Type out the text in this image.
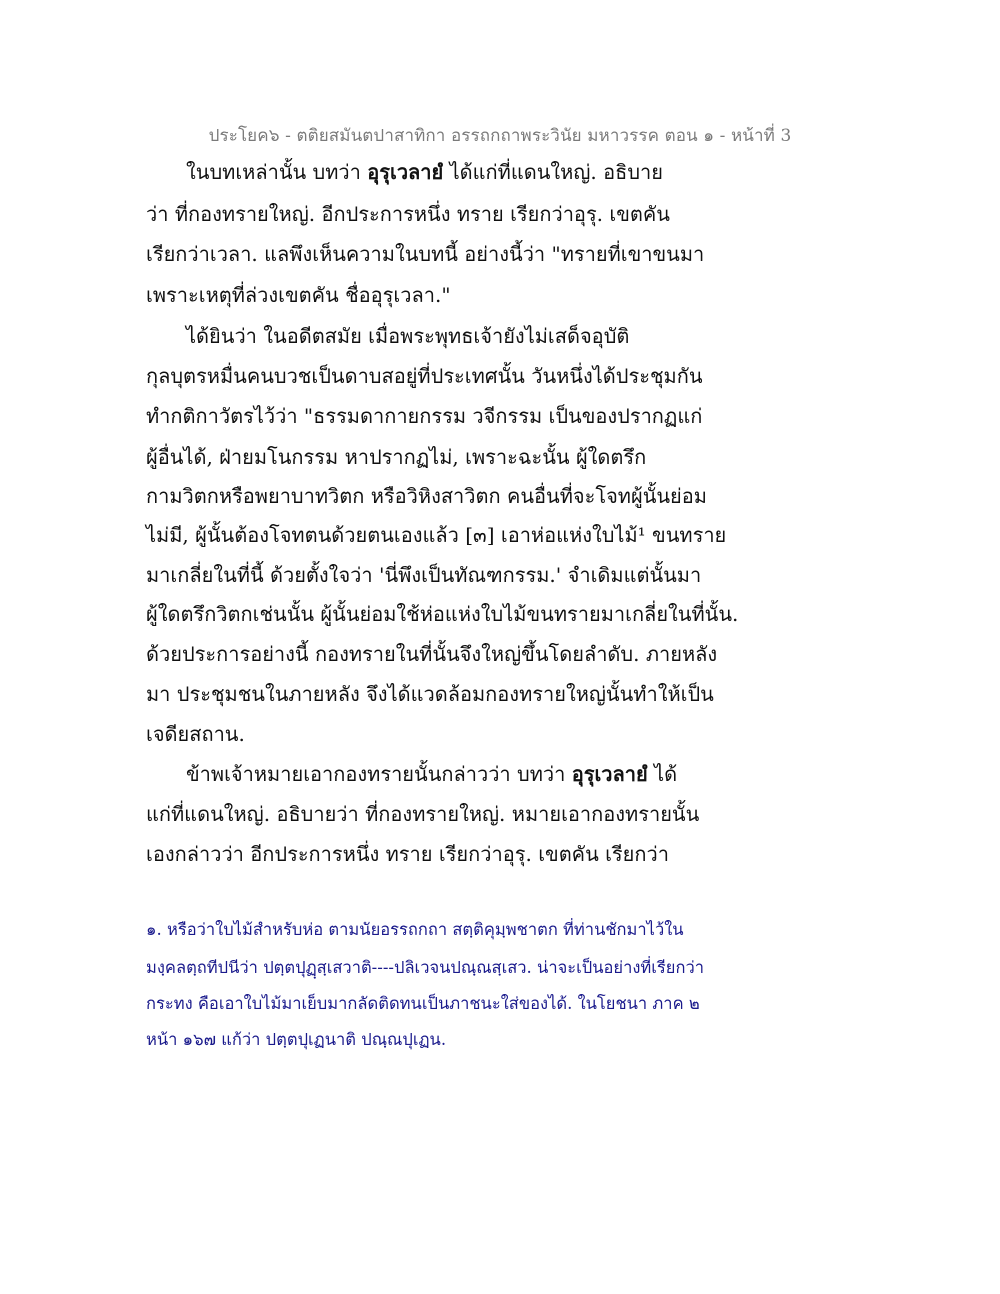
ประโยค๖ - ตติยสมันตปาสาทิกา อรรถกถาพระวินัย มหาวรรค ตอน ๑ - หน้าที่ 3
ในบทเหล่านั้น บทว่า อุรุเวลายํ ได้แก่ที่แดนใหญ่. อธิบาย
ว่า ที่กองทรายใหญ่. อีกประการหนึ่ง ทราย เรียกว่าอุรุ. เขตคัน
เรียกว่าเวลา. แลพึงเห็นความในบทนี้ อย่างนี้ว่า "ทรายที่เขาขนมา
เพราะเหตุที่ล่วงเขตคัน ชื่ออุรุเวลา."
ได้ยินว่า ในอดีตสมัย เมื่อพระพุทธเจ้ายังไม่เสด็จอุบัติ
กุลบุตรหมื่นคนบวชเป็นดาบสอยู่ที่ประเทศนั้น วันหนึ่งได้ประชุมกัน
ทำกติกาวัตรไว้ว่า "ธรรมดากายกรรม วจีกรรม เป็นของปรากฏแก่
ผู้อื่นได้, ฝ่ายมโนกรรม หาปรากฏไม่, เพราะฉะนั้น ผู้ใดตรึก
กามวิตกหรือพยาบาทวิตก หรือวิหิงสาวิตก คนอื่นที่จะโจทผู้นั้นย่อม
ไม่มี, ผู้นั้นต้องโจทตนด้วยตนเองแล้ว [๓] เอาห่อแห่งใบไม้¹ ขนทราย
มาเกลี่ยในที่นี้ ด้วยตั้งใจว่า 'นี่พึงเป็นทัณฑกรรม.' จำเดิมแต่นั้นมา
ผู้ใดตรึกวิตกเช่นนั้น ผู้นั้นย่อมใช้ห่อแห่งใบไม้ขนทรายมาเกลี่ยในที่นั้น.
ด้วยประการอย่างนี้ กองทรายในที่นั้นจึงใหญ่ขึ้นโดยลำดับ. ภายหลัง
มา ประชุมชนในภายหลัง จึงได้แวดล้อมกองทรายใหญ่นั้นทำให้เป็น
เจดียสถาน.
ข้าพเจ้าหมายเอากองทรายนั้นกล่าวว่า บทว่า อุรุเวลายํ ได้
แก่ที่แดนใหญ่. อธิบายว่า ที่กองทรายใหญ่. หมายเอากองทรายนั้น
เองกล่าวว่า อีกประการหนึ่ง ทราย เรียกว่าอุรุ. เขตคัน เรียกว่า
๑. หรือว่าใบไม้สำหรับห่อ ตามนัยอรรถกถา สตฺติคุมฺพชาตก ที่ท่านชักมาไว้ใน
มงฺคลตฺถทีปนีว่า ปตฺตปุฏฺสฺเสวาติ----ปลิเวจนปณฺณสฺเสว. น่าจะเป็นอย่างที่เรียกว่า
กระทง คือเอาใบไม้มาเย็บมากลัดติดทนเป็นภาชนะใส่ของได้. ในโยชนา ภาค ๒
หน้า ๑๖๗ แก้ว่า ปตฺตปุเฏนาติ ปณฺณปุเฏน.
